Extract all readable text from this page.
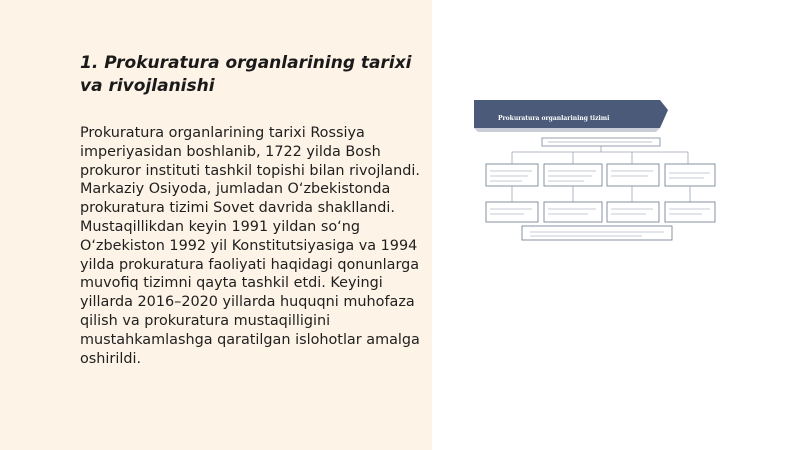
1. Prokuratura organlarining tarixi va rivojlanishi

Prokuratura organlarining tarixi Rossiya imperiyasidan boshlanib, 1722 yilda Bosh prokuror instituti tashkil topishi bilan rivojlandi. Markaziy Osiyoda, jumladan O‘zbekistonda prokuratura tizimi Sovet davrida shakllandi. Mustaqillikdan keyin 1991 yildan so‘ng O‘zbekiston 1992 yil Konstitutsiyasiga va 1994 yilda prokuratura faoliyati haqidagi qonunlarga muvofiq tizimni qayta tashkil etdi. Keyingi yillarda 2016–2020 yillarda huquqni muhofaza qilish va prokuratura mustaqilligini mustahkamlashga qaratilgan islohotlar amalga oshirildi.

Prokuratura organlarining tizimi
